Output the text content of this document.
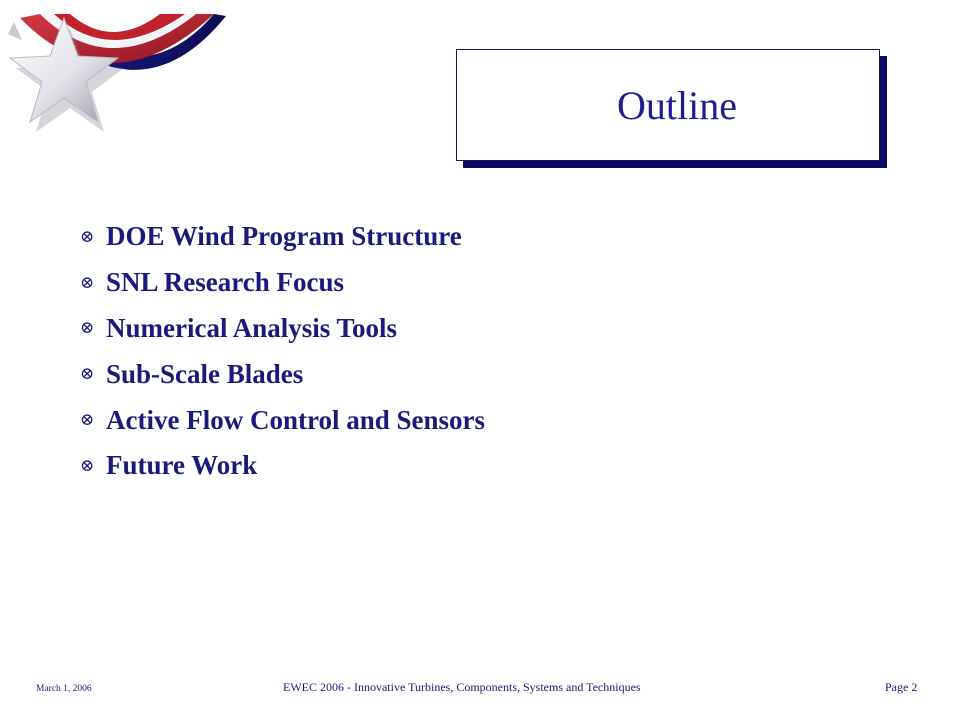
Outline
⊗ DOE Wind Program Structure
⊗ SNL Research Focus
⊗ Numerical Analysis Tools
⊗ Sub-Scale Blades
⊗ Active Flow Control and Sensors
⊗ Future Work
March 1, 2006	EWEC 2006 - Innovative Turbines, Components, Systems and Techniques	Page 2
